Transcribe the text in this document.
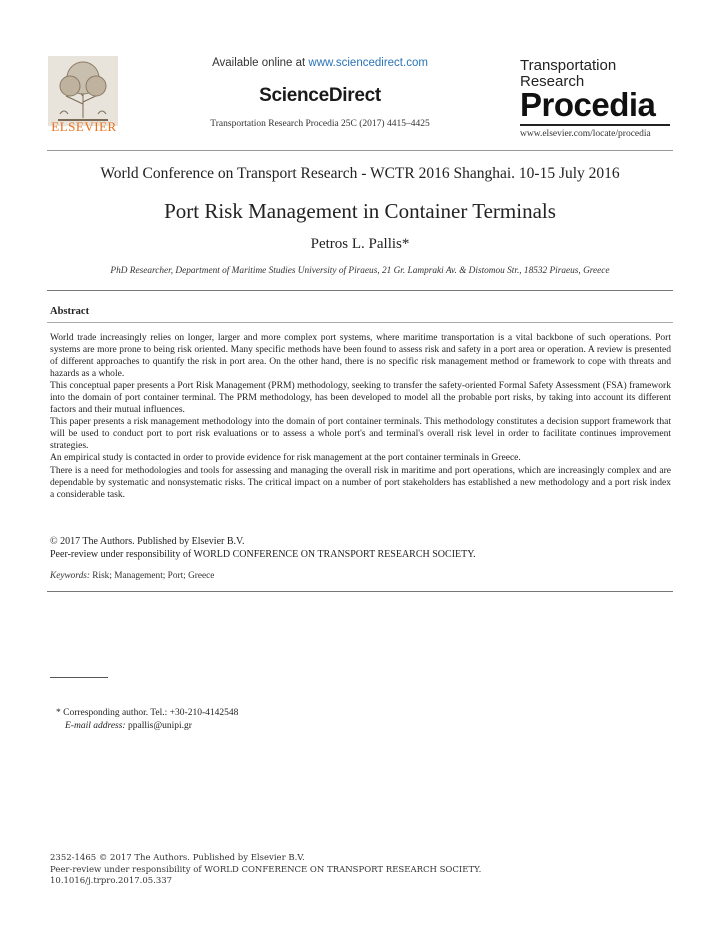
ELSEVIER
Available online at www.sciencedirect.com
ScienceDirect
Transportation Research Procedia 25C (2017) 4415–4425
Transportation
Research
Procedia
www.elsevier.com/locate/procedia
World Conference on Transport Research - WCTR 2016 Shanghai. 10-15 July 2016
Port Risk Management in Container Terminals
Petros L. Pallis*
PhD Researcher, Department of Maritime Studies University of Piraeus, 21 Gr. Lampraki Av. & Distomou Str., 18532 Piraeus, Greece
Abstract

World trade increasingly relies on longer, larger and more complex port systems, where maritime transportation is a vital backbone of such operations. Port systems are more prone to being risk oriented. Many specific methods have been found to assess risk and safety in a port area or operation. A review is presented of different approaches to quantify the risk in port area. On the other hand, there is no specific risk management method or framework to cope with threats and hazards as a whole.

This conceptual paper presents a Port Risk Management (PRM) methodology, seeking to transfer the safety-oriented Formal Safety Assessment (FSA) framework into the domain of port container terminal. The PRM methodology, has been developed to model all the probable port risks, by taking into account its different factors and their mutual influences.

This paper presents a risk management methodology into the domain of port container terminals. This methodology constitutes a decision support framework that will be used to conduct port to port risk evaluations or to assess a whole port's and terminal's overall risk level in order to facilitate continues improvement strategies.

An empirical study is contacted in order to provide evidence for risk management at the port container terminals in Greece.

There is a need for methodologies and tools for assessing and managing the overall risk in maritime and port operations, which are increasingly complex and are dependable by systematic and nonsystematic risks. The critical impact on a number of port stakeholders has established a new methodology and a port risk index a considerable task.

© 2017 The Authors. Published by Elsevier B.V.

Peer-review under responsibility of WORLD CONFERENCE ON TRANSPORT RESEARCH SOCIETY.

Keywords: Risk; Management; Port; Greece
* Corresponding author. Tel.: +30-210-4142548
E-mail address: ppallis@unipi.gr

2352-1465 © 2017 The Authors. Published by Elsevier B.V.

Peer-review under responsibility of WORLD CONFERENCE ON TRANSPORT RESEARCH SOCIETY.

10.1016/j.trpro.2017.05.337
